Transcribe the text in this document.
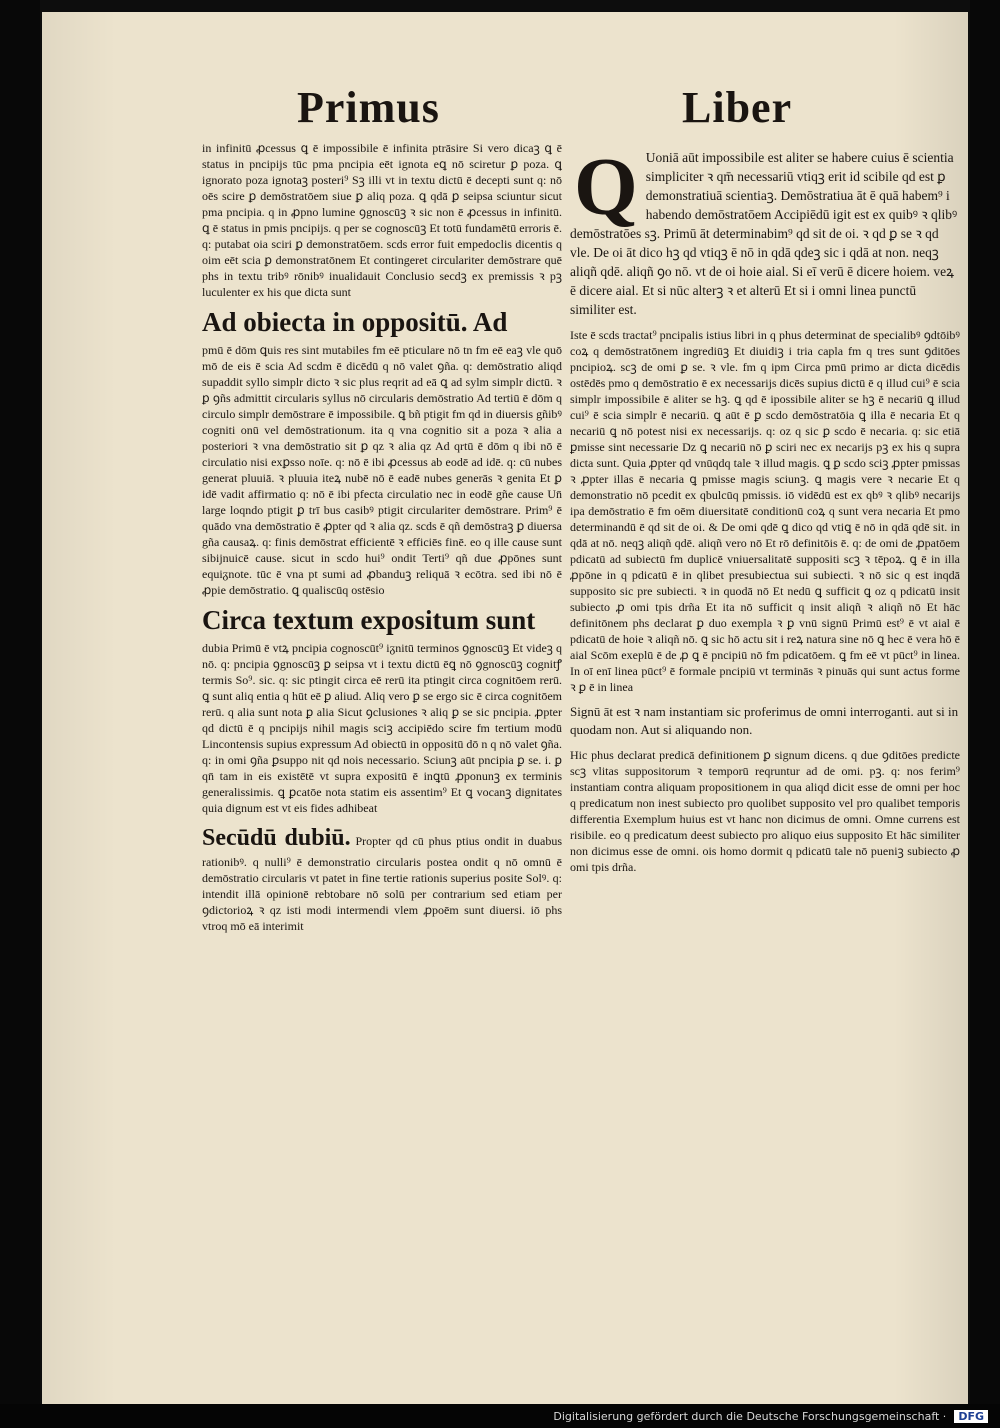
Primus	Liber

in infinitū ꝓcessus ꝗ ē impossibile ē infinita ptrāsire Si vero dicaꝫ ꝗ ē status in pncipijs tūc pma pncipia eēt ignota eꝗ nō sciretur ꝑ poza. ꝗ ignorato poza ignotaꝫ posteri⁹ Sꝫ illi vt in textu dictū ē decepti sunt q: nō oēs scire ꝑ demōstratōem siue ꝑ aliq poza. ꝗ qdā ꝑ seipsa sciuntur sicut pma pncipia. q in ꝓpno lumine ꝯgnoscūꝫ ꝛ sic non ē ꝓcessus in infinitū. ꝗ ē status in pmis pncipijs. q per se cognoscūꝫ Et totū fundamētū erroris ē. q: putabat oia sciri ꝑ demonstratōem. scds error fuit empedoclis dicentis q oim eēt scia ꝑ demonstratōnem Et contingeret circulariter demōstrare quē phs in textu tribꝰ rōnibꝰ inualidauit Conclusio secdꝫ ex premissis ꝛ pꝫ luculenter ex his que dicta sunt

Ad obiecta in oppositū. Ad

pmū ē dōm ꝗuis res sint mutabiles fm eē pticulare nō tn fm eē eaꝫ vle quō mō de eis ē scia Ad scdm ē dicēdū q nō valet ꝯña. q: demōstratio aliqd supaddit syllo simplr dicto ꝛ sic plus reqrit ad eā ꝗ ad sylm simplr dictū. ꝛ ꝑ ꝯñs admittit circularis syllus nō circularis demōstratio Ad tertiū ē dōm q circulo simplr demōstrare ē impossibile. ꝗ bñ ptigit fm qd in diuersis gñibꝰ cogniti onū vel demōstrationum. ita q vna cognitio sit a poza ꝛ alia a posteriori ꝛ vna demōstratio sit ꝑ qz ꝛ alia qz Ad qrtū ē dōm q ibi nō ē circulatio nisi exꝑsso noīe. q: nō ē ibi ꝓcessus ab eodē ad idē. q: cū nubes generat pluuiā. ꝛ pluuia iteꝝ nubē nō ē eadē nubes generās ꝛ genita Et ꝑ idē vadit affirmatio q: nō ē ibi pfecta circulatio nec in eodē gñe cause Un̄ large loqndo ptigit ꝑ trī bus casibꝰ ptigit circulariter demōstrare. Prim⁹ ē quādo vna demōstratio ē ꝓpter qd ꝛ alia qz. scds ē qñ demōstraꝫ ꝑ diuersa gña causaꝝ. q: finis demōstrat efficientē ꝛ efficiēs finē. eo q ille cause sunt sibijnuicē cause. sicut in scdo hui⁹ ondit Terti⁹ qñ due ꝓpōnes sunt equiᵹnote. tūc ē vna pt sumi ad ꝓbanduꝫ reliquā ꝛ ecōtra. sed ibi nō ē ꝓpie demōstratio. ꝗ qualiscūq ostēsio

Circa textum expositum sunt

dubia Primū ē vtꝝ pncipia cognoscūt⁹ iᵹnitū terminos ꝯgnoscūꝫ Et videꝫ q nō. q: pncipia ꝯgnoscūꝫ ꝑ seipsa vt i textu dictū ēꝗ nō ꝯgnoscūꝫ cognitꝭ termis So⁹. sic. q: sic ptingit circa eē rerū ita ptingit circa cognitōem rerū. ꝗ sunt aliq entia q hūt eē ꝑ aliud. Aliq vero ꝑ se ergo sic ē circa cognitōem rerū. q alia sunt nota ꝑ alia Sicut ꝯclusiones ꝛ aliq ꝑ se sic pncipia. ꝓpter qd dictū ē q pncipijs nihil magis sciꝫ accipiēdo scire fm tertium modū Lincontensis supius expressum Ad obiectū in oppositū dō n q nō valet ꝯña. q: in omi ꝯña ꝑsuppo nit qd nois necessario. Sciunꝫ aūt pncipia ꝑ se. i. ꝑ qn̄ tam in eis existētē vt supra expositū ē inꝗtū ꝓponunꝫ ex terminis generalissimis. ꝗ ꝑcatōe nota statim eis assentim⁹ Et ꝗ vocanꝫ dignitates quia dignum est vt eis fides adhibeat

Secūdū dubiū. Propter qd cū phus ptius ondit in duabus rationibꝰ. q nulli⁹ ē demonstratio circularis postea ondit q nō omnū ē demōstratio circularis vt patet in fine tertie rationis superius posite Solꝰ. q: intendit illā opinionē rebtobare nō solū per contrarium sed etiam per ꝯdictorioꝝ ꝛ qz isti modi intermendi vlem ꝓpoēm sunt diuersi. iō phs vtroq mō eā interimit

Q Uoniā aūt impossibile est aliter se habere cuius ē scientia simpliciter ꝛ qm̄ necessariū vtiqꝫ erit id scibile qd est ꝑ demonstratiuā scientiaꝫ. Demōstratiua āt ē quā habem⁹ i habendo demōstratōem Accipiēdū igit est ex quibꝰ ꝛ qlibꝰ demōstratōes sꝫ. Primū āt determinabim⁹ qd sit de oi. ꝛ qd ꝑ se ꝛ qd vle. De oi āt dico hꝫ qd vtiqꝫ ē nō in qdā qdeꝫ sic i qdā at non. neqꝫ aliqñ qdē. aliqñ ꝯo nō. vt de oi hoie aial. Si eī verū ē dicere hoiem. veꝝ ē dicere aial. Et si nūc alterꝫ ꝛ et alterū Et si i omni linea punctū similiter est.

Iste ē scds tractat⁹ pncipalis istius libri in q phus determinat de specialibꝰ ꝯdtōibꝰ coꝝ q demōstratōnem ingrediūꝫ Et diuidiꝫ i tria capla fm q tres sunt ꝯditōes pncipioꝝ. scꝫ de omi ꝑ se. ꝛ vle. fm q ipm Circa pmū primo ar dicta dicēdis ostēdēs pmo q demōstratio ē ex necessarijs dicēs supius dictū ē q illud cui⁹ ē scia simplr impossibile ē aliter se hꝫ. ꝗ qd ē ipossibile aliter se hꝫ ē necariū ꝗ illud cui⁹ ē scia simplr ē necariū. ꝗ aūt ē ꝑ scdo demōstratōia ꝗ illa ē necaria Et q necariū ꝗ nō potest nisi ex necessarijs. q: oz q sic ꝑ scdo ē necaria. q: sic etiā ꝑmisse sint necessarie Dz ꝗ necariū nō ꝑ sciri nec ex necarijs pꝫ ex his q supra dicta sunt. Quia ꝓpter qd vnūqdq tale ꝛ illud magis. ꝗ ꝑ scdo sciꝫ ꝓpter pmissas ꝛ ꝓpter illas ē necaria ꝗ pmisse magis sciunꝫ. ꝗ magis vere ꝛ necarie Et q demonstratio nō pcedit ex qbulcūq pmissis. iō vidēdū est ex qbꝰ ꝛ qlibꝰ necarijs ipa demōstratio ē fm oēm diuersitatē conditionū coꝝ q sunt vera necaria Et pmo determinandū ē qd sit de oi. & De omi qdē ꝗ dico qd vtiꝗ ē nō in qdā qdē sit. in qdā at nō. neqꝫ aliqñ qdē. aliqñ vero nō Et rō definitōis ē. q: de omi de ꝓpatōem pdicatū ad subiectū fm duplicē vniuersalitatē suppositi scꝫ ꝛ tēpoꝝ. ꝗ ē in illa ꝓpōne in q pdicatū ē in qlibet presubiectua sui subiecti. ꝛ nō sic q est inqdā supposito sic pre subiecti. ꝛ in quodā nō Et nedū ꝗ sufficit ꝗ oz q pdicatū insit subiecto ꝓ omi tpis drña Et ita nō sufficit q insit aliqñ ꝛ aliqñ nō Et hāc definitōnem phs declarat ꝑ duo exempla ꝛ ꝑ vnū signū Primū est⁹ ē vt aial ē pdicatū de hoie ꝛ aliqñ nō. ꝗ sic hō actu sit i reꝝ natura sine nō ꝗ hec ē vera hō ē aial Scōm exeplū ē de ꝓ ꝗ ē pncipiū nō fm pdicatōem. ꝗ fm eē vt pūct⁹ in linea. In oī enī linea pūct⁹ ē formale pncipiū vt terminās ꝛ pinuās qui sunt actus forme ꝛ ꝑ ē in linea

Signū āt est ꝛ nam instantiam sic proferimus de omni interroganti. aut si in quodam non. Aut si aliquando non.

Hic phus declarat predicā definitionem ꝑ signum dicens. q due ꝯditōes predicte scꝫ vlitas suppositorum ꝛ temporū reqruntur ad de omi. pꝫ. q: nos ferim⁹ instantiam contra aliquam propositionem in qua aliqd dicit esse de omni per hoc q predicatum non inest subiecto pro quolibet supposito vel pro qualibet temporis differentia Exemplum huius est vt hanc non dicimus de omni. Omne currens est risibile. eo q predicatum deest subiecto pro aliquo eius supposito Et hāc similiter non dicimus esse de omni. ois homo dormit q pdicatū tale nō pueniꝫ subiecto ꝓ omi tpis drña.

Digitalisierung gefördert durch die Deutsche Forschungsgemeinschaft ·	DFG
